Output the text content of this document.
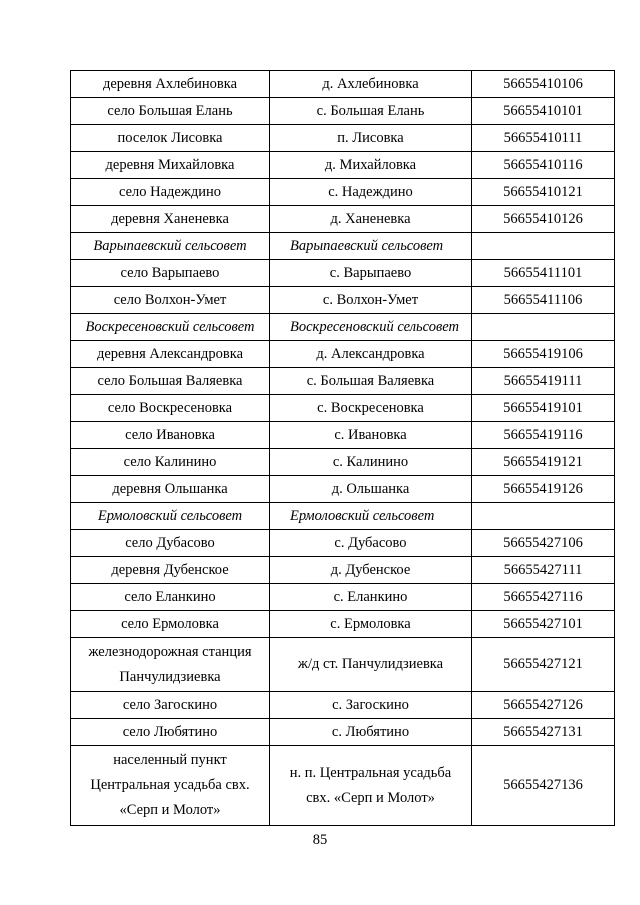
деревня Ахлебиновка	д. Ахлебиновка	56655410106
село Большая Елань	с. Большая Елань	56655410101
поселок Лисовка	п. Лисовка	56655410111
деревня Михайловка	д. Михайловка	56655410116
село Надеждино	с. Надеждино	56655410121
деревня Ханеневка	д. Ханеневка	56655410126
Варыпаевский сельсовет	Варыпаевский сельсовет	
село Варыпаево	с. Варыпаево	56655411101
село Волхон-Умет	с. Волхон-Умет	56655411106
Воскресеновский сельсовет	Воскресеновский сельсовет	
деревня Александровка	д. Александровка	56655419106
село Большая Валяевка	с. Большая Валяевка	56655419111
село Воскресеновка	с. Воскресеновка	56655419101
село Ивановка	с. Ивановка	56655419116
село Калинино	с. Калинино	56655419121
деревня Ольшанка	д. Ольшанка	56655419126
Ермоловский сельсовет	Ермоловский сельсовет	
село Дубасово	с. Дубасово	56655427106
деревня Дубенское	д. Дубенское	56655427111
село Еланкино	с. Еланкино	56655427116
село Ермоловка	с. Ермоловка	56655427101
железнодорожная станция Панчулидзиевка	ж/д ст. Панчулидзиевка	56655427121
село Загоскино	с. Загоскино	56655427126
село Любятино	с. Любятино	56655427131
населенный пункт Центральная усадьба свх. «Серп и Молот»	н. п. Центральная усадьба свх. «Серп и Молот»	56655427136
85
